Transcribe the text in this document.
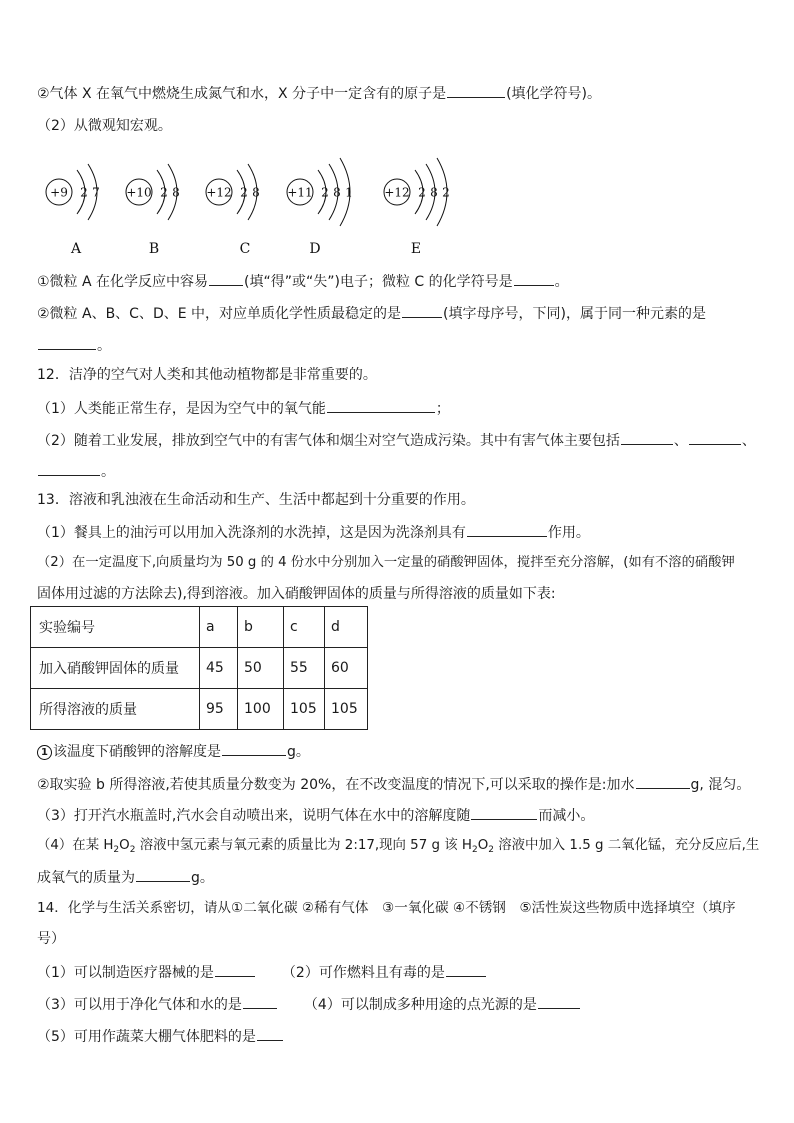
②气体 X 在氧气中燃烧生成氮气和水，X 分子中一定含有的原子是	(填化学符号)。
（2）从微观知宏观。
+9 2 7
A
+10 2 8
B
+12 2 8
C
+11 2 8 1
D
+12 2 8 2
E
①微粒 A 在化学反应中容易	(填“得”或“失”)电子；微粒 C 的化学符号是	。
②微粒 A、B、C、D、E 中，对应单质化学性质最稳定的是	(填字母序号，下同)，属于同一种元素的是
。
12．洁净的空气对人类和其他动植物都是非常重要的。
（1）人类能正常生存，是因为空气中的氧气能	；
（2）随着工业发展，排放到空气中的有害气体和烟尘对空气造成污染。其中有害气体主要包括	、	、
。
13．溶液和乳浊液在生命活动和生产、生活中都起到十分重要的作用。
（1）餐具上的油污可以用加入洗涤剂的水洗掉，这是因为洗涤剂具有	作用。
（2）在一定温度下,向质量均为 50 g 的 4 份水中分别加入一定量的硝酸钾固体，搅拌至充分溶解，(如有不溶的硝酸钾
固体用过滤的方法除去),得到溶液。加入硝酸钾固体的质量与所得溶液的质量如下表:
实验编号	a	b	c	d
加入硝酸钾固体的质量	45	50	55	60
所得溶液的质量	95	100	105	105
1 该温度下硝酸钾的溶解度是	g。
②取实验 b 所得溶液,若使其质量分数变为 20%，在不改变温度的情况下,可以采取的操作是:加水	g, 混匀。
（3）打开汽水瓶盖时,汽水会自动喷出来，说明气体在水中的溶解度随	而减小。
（4）在某 $H_2O_2$ 溶液中氢元素与氧元素的质量比为 2:17,现向 57 g 该 $H_2O_2$ 溶液中加入 1.5 g 二氧化锰，充分反应后,生
成氧气的质量为	g。
14．化学与生活关系密切，请从①二氧化碳 ②稀有气体　③一氧化碳 ④不锈钢　⑤活性炭这些物质中选择填空（填序
号）
（1）可以制造医疗器械的是	（2）可作燃料且有毒的是
（3）可以用于净化气体和水的是	（4）可以制成多种用途的点光源的是
（5）可用作蔬菜大棚气体肥料的是
